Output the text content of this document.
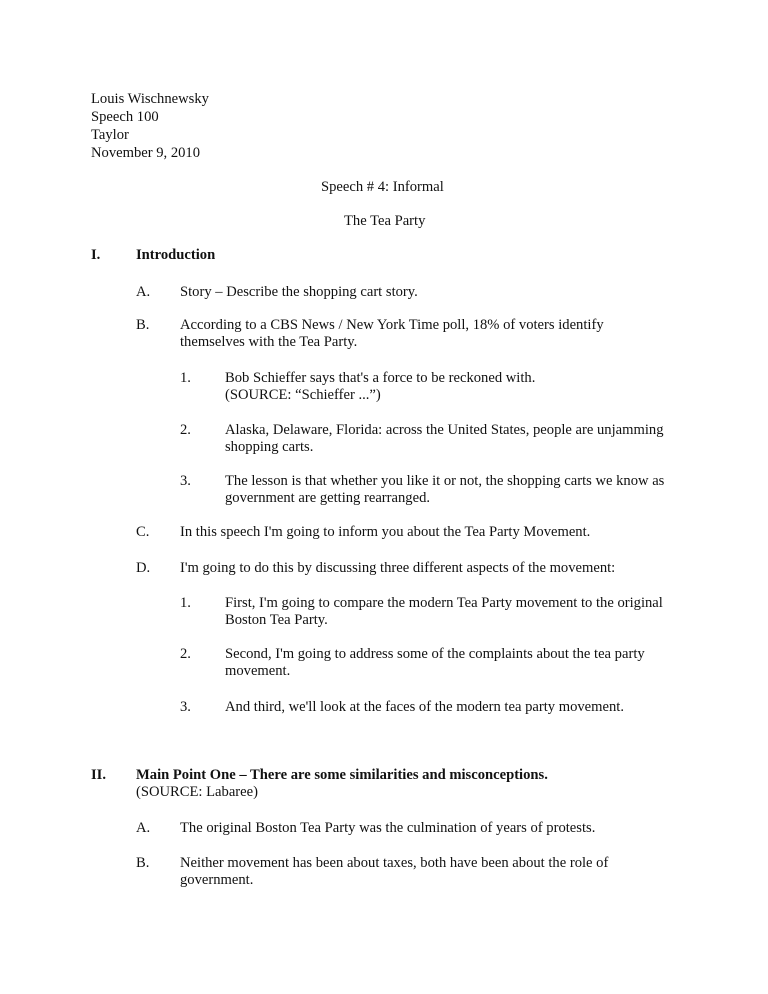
Louis Wischnewsky
Speech 100
Taylor
November 9, 2010
Speech # 4: Informal
The Tea Party
I. Introduction
A. Story – Describe the shopping cart story.
B. According to a CBS News / New York Time poll, 18% of voters identify
themselves with the Tea Party.
1. Bob Schieffer says that's a force to be reckoned with.
(SOURCE: “Schieffer ...”)
2. Alaska, Delaware, Florida: across the United States, people are unjamming
shopping carts.
3. The lesson is that whether you like it or not, the shopping carts we know as
government are getting rearranged.
C. In this speech I'm going to inform you about the Tea Party Movement.
D. I'm going to do this by discussing three different aspects of the movement:
1. First, I'm going to compare the modern Tea Party movement to the original
Boston Tea Party.
2. Second, I'm going to address some of the complaints about the tea party
movement.
3. And third, we'll look at the faces of the modern tea party movement.
II. Main Point One – There are some similarities and misconceptions.
(SOURCE: Labaree)
A. The original Boston Tea Party was the culmination of years of protests.
B. Neither movement has been about taxes, both have been about the role of
government.
